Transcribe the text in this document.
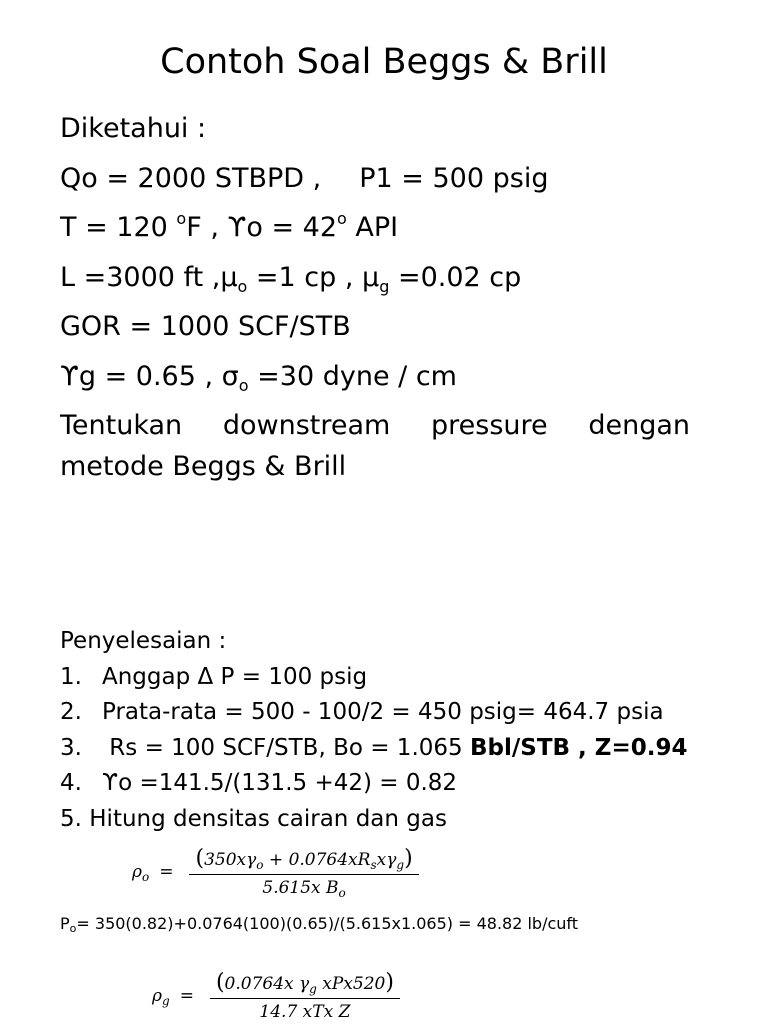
Contoh Soal Beggs & Brill
Diketahui :
Qo = 2000 STBPD , P1 = 500 psig
T = 120 $^o$F , $ϒo = 42^o$ API
L =3000 ft $,\mu_o =1$ cp , $\mu_g =0.02$ cp
GOR = 1000 SCF/STB
ϒg = 0.65 , $\sigma_o =30$ dyne / cm
Tentukan downstream pressure dengan
metode Beggs & Brill
Penyelesaian :
1. Anggap Δ P = 100 psig
2. Prata-rata = 500 - 100/2 = 450 psig= 464.7 psia
3. Rs = 100 SCF/STB, Bo = 1.065 Bbl/STB , Z=0.94
4. ϒo =141.5/(131.5 +42) = 0.82
5. Hitung densitas cairan dan gas
$\rho_o = \frac{(350x\gamma_o + 0.0764xR_sx\gamma_g)}{5.615x B_o}$
$P_o= 350(0.82)+0.0764(100)(0.65)/(5.615x1.065) = 48.82$ lb/cuft
$\rho_g = \frac{(0.0764x \gamma_g xPx520)}{\text{14.7 xTx Z}}$
